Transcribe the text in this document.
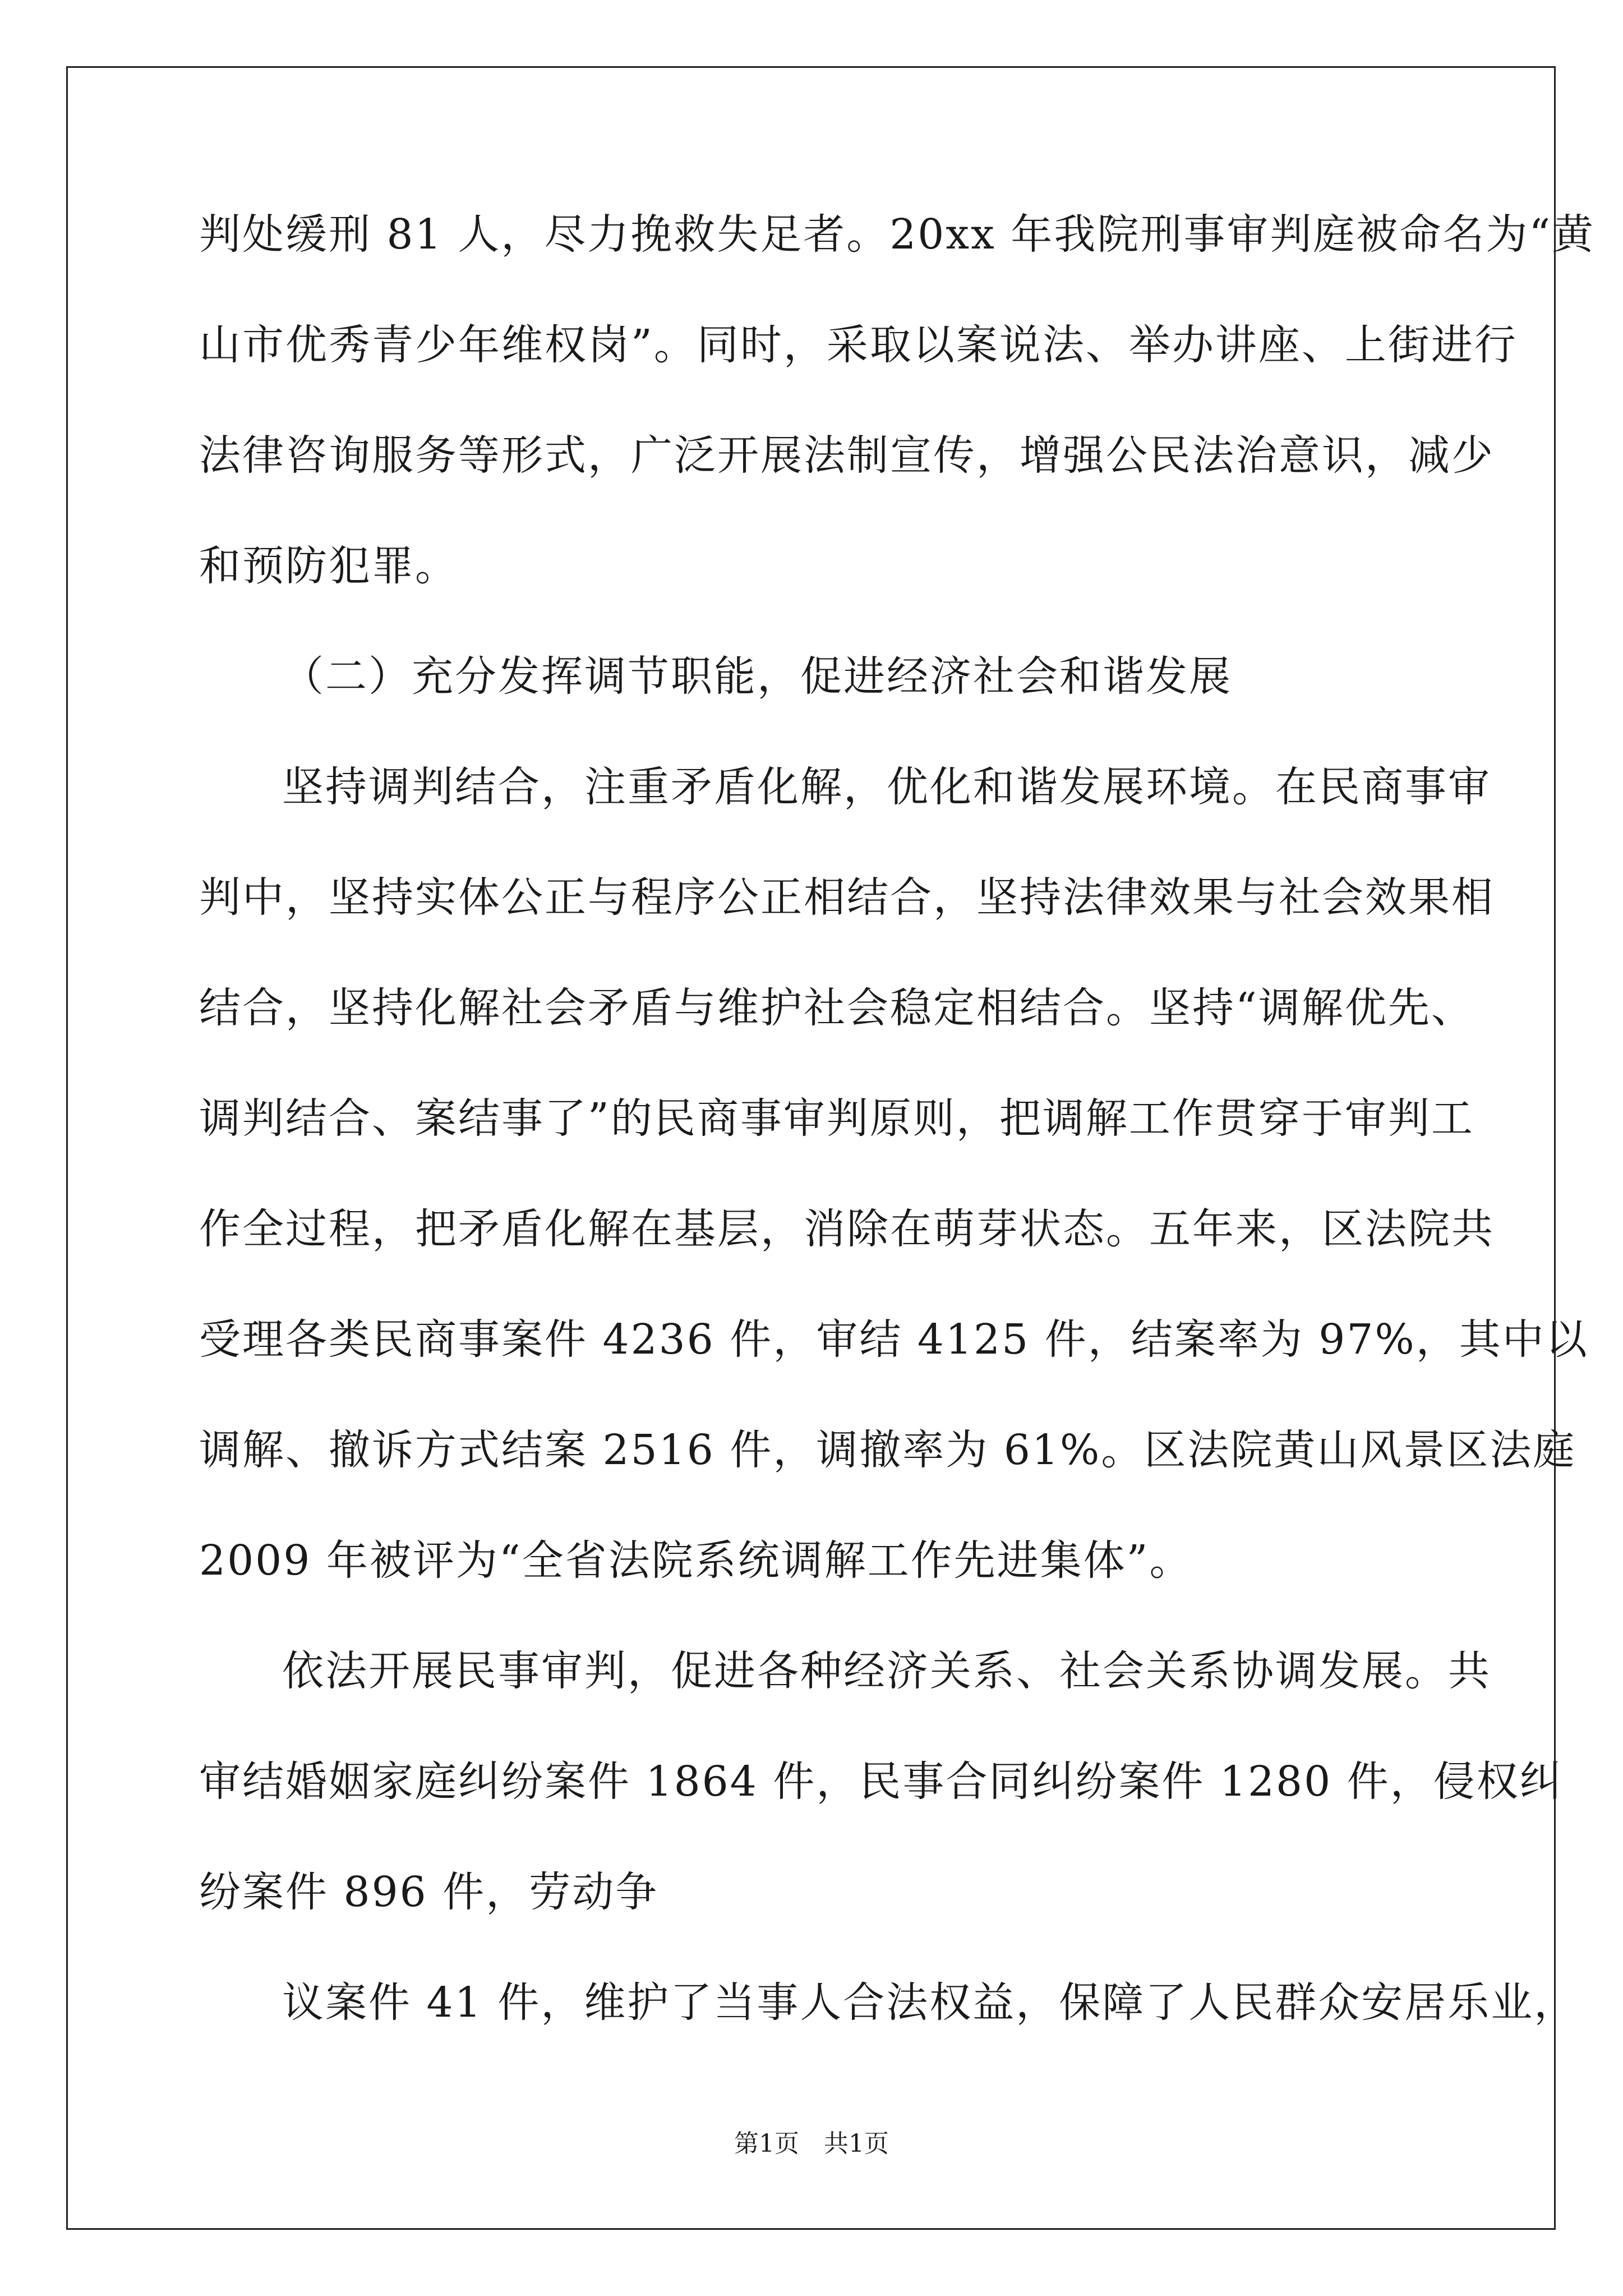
判处缓刑 81 人，尽力挽救失足者。20xx 年我院刑事审判庭被命名为“黄
山市优秀青少年维权岗”。同时，采取以案说法、举办讲座、上街进行
法律咨询服务等形式，广泛开展法制宣传，增强公民法治意识，减少
和预防犯罪。
（二）充分发挥调节职能，促进经济社会和谐发展
坚持调判结合，注重矛盾化解，优化和谐发展环境。在民商事审
判中，坚持实体公正与程序公正相结合，坚持法律效果与社会效果相
结合，坚持化解社会矛盾与维护社会稳定相结合。坚持“调解优先、
调判结合、案结事了”的民商事审判原则，把调解工作贯穿于审判工
作全过程，把矛盾化解在基层，消除在萌芽状态。五年来，区法院共
受理各类民商事案件 4236 件，审结 4125 件，结案率为 97%，其中以
调解、撤诉方式结案 2516 件，调撤率为 61%。区法院黄山风景区法庭
2009 年被评为“全省法院系统调解工作先进集体”。
依法开展民事审判，促进各种经济关系、社会关系协调发展。共
审结婚姻家庭纠纷案件 1864 件，民事合同纠纷案件 1280 件，侵权纠
纷案件 896 件，劳动争
议案件 41 件，维护了当事人合法权益，保障了人民群众安居乐业，
第1页 共1页
